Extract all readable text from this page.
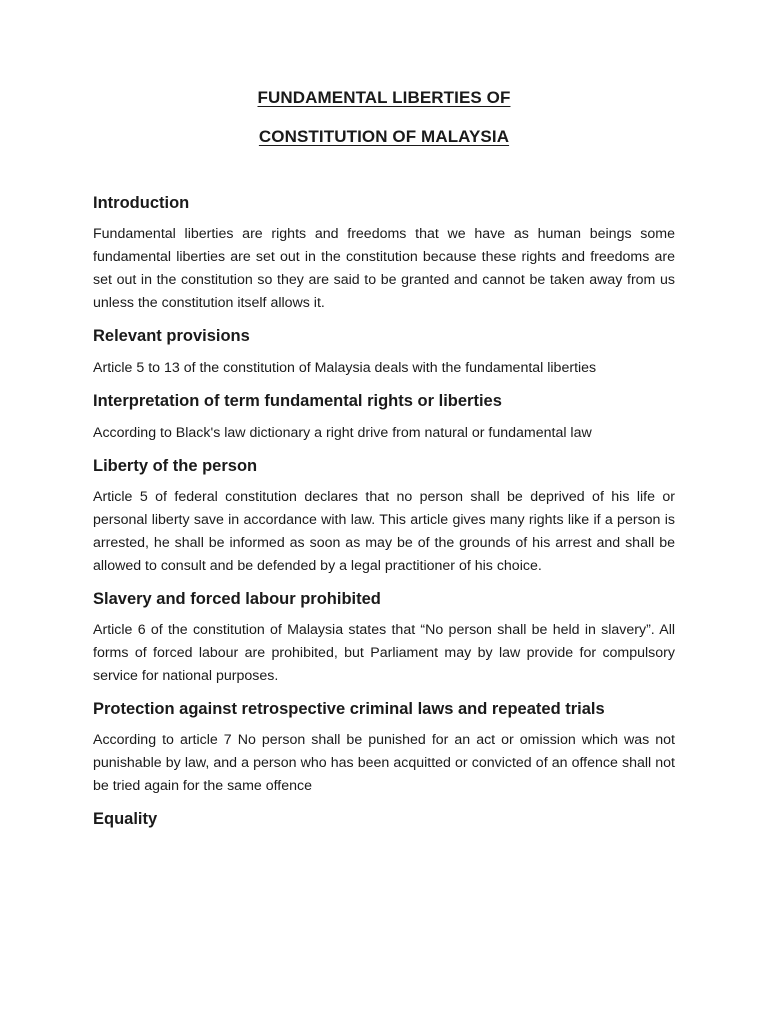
FUNDAMENTAL LIBERTIES OF

CONSTITUTION OF MALAYSIA

Introduction

Fundamental liberties are rights and freedoms that we have as human beings some fundamental liberties are set out in the constitution because these rights and freedoms are set out in the constitution so they are said to be granted and cannot be taken away from us unless the constitution itself allows it.

Relevant provisions

Article 5 to 13 of the constitution of Malaysia deals with the fundamental liberties

Interpretation of term fundamental rights or liberties

According to Black's law dictionary a right drive from natural or fundamental law

Liberty of the person

Article 5 of federal constitution declares that no person shall be deprived of his life or personal liberty save in accordance with law. This article gives many rights like if a person is arrested, he shall be informed as soon as may be of the grounds of his arrest and shall be allowed to consult and be defended by a legal practitioner of his choice.

Slavery and forced labour prohibited

Article 6 of the constitution of Malaysia states that “No person shall be held in slavery”. All forms of forced labour are prohibited, but Parliament may by law provide for compulsory service for national purposes.

Protection against retrospective criminal laws and repeated trials

According to article 7 No person shall be punished for an act or omission which was not punishable by law, and a person who has been acquitted or convicted of an offence shall not be tried again for the same offence

Equality
